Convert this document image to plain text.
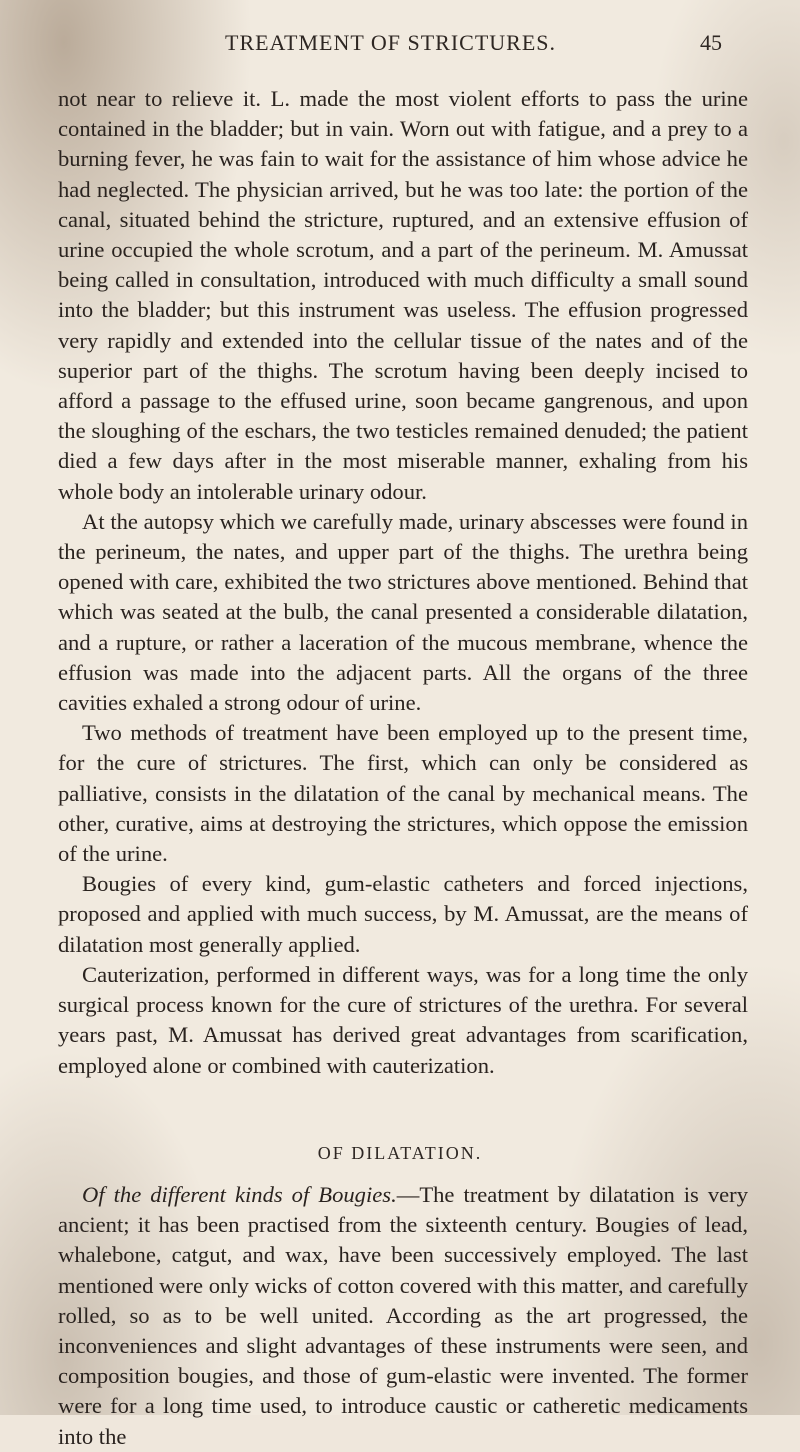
TREATMENT OF STRICTURES.	45

not near to relieve it. L. made the most violent efforts to pass the urine contained in the bladder; but in vain. Worn out with fatigue, and a prey to a burning fever, he was fain to wait for the assistance of him whose advice he had neglected. The physician arrived, but he was too late: the portion of the canal, situated behind the stricture, ruptured, and an extensive effusion of urine occupied the whole scrotum, and a part of the perineum. M. Amussat being called in consultation, introduced with much difficulty a small sound into the bladder; but this instrument was useless. The effusion progressed very rapidly and extended into the cellular tissue of the nates and of the superior part of the thighs. The scrotum having been deeply incised to afford a passage to the effused urine, soon became gangrenous, and upon the sloughing of the eschars, the two testicles remained denuded; the patient died a few days after in the most miserable manner, exhaling from his whole body an intolerable urinary odour.

At the autopsy which we carefully made, urinary abscesses were found in the perineum, the nates, and upper part of the thighs. The urethra being opened with care, exhibited the two strictures above mentioned. Behind that which was seated at the bulb, the canal presented a considerable dilatation, and a rupture, or rather a laceration of the mucous membrane, whence the effusion was made into the adjacent parts. All the organs of the three cavities exhaled a strong odour of urine.

Two methods of treatment have been employed up to the present time, for the cure of strictures. The first, which can only be considered as palliative, consists in the dilatation of the canal by mechanical means. The other, curative, aims at destroying the strictures, which oppose the emission of the urine.

Bougies of every kind, gum-elastic catheters and forced injections, proposed and applied with much success, by M. Amussat, are the means of dilatation most generally applied.

Cauterization, performed in different ways, was for a long time the only surgical process known for the cure of strictures of the urethra. For several years past, M. Amussat has derived great advantages from scarification, employed alone or combined with cauterization.

OF DILATATION.

Of the different kinds of Bougies.—The treatment by dilatation is very ancient; it has been practised from the sixteenth century. Bougies of lead, whalebone, catgut, and wax, have been successively employed. The last mentioned were only wicks of cotton covered with this matter, and carefully rolled, so as to be well united. According as the art progressed, the inconveniences and slight advantages of these instruments were seen, and composition bougies, and those of gum-elastic were invented. The former were for a long time used, to introduce caustic or catheretic medicaments into the
